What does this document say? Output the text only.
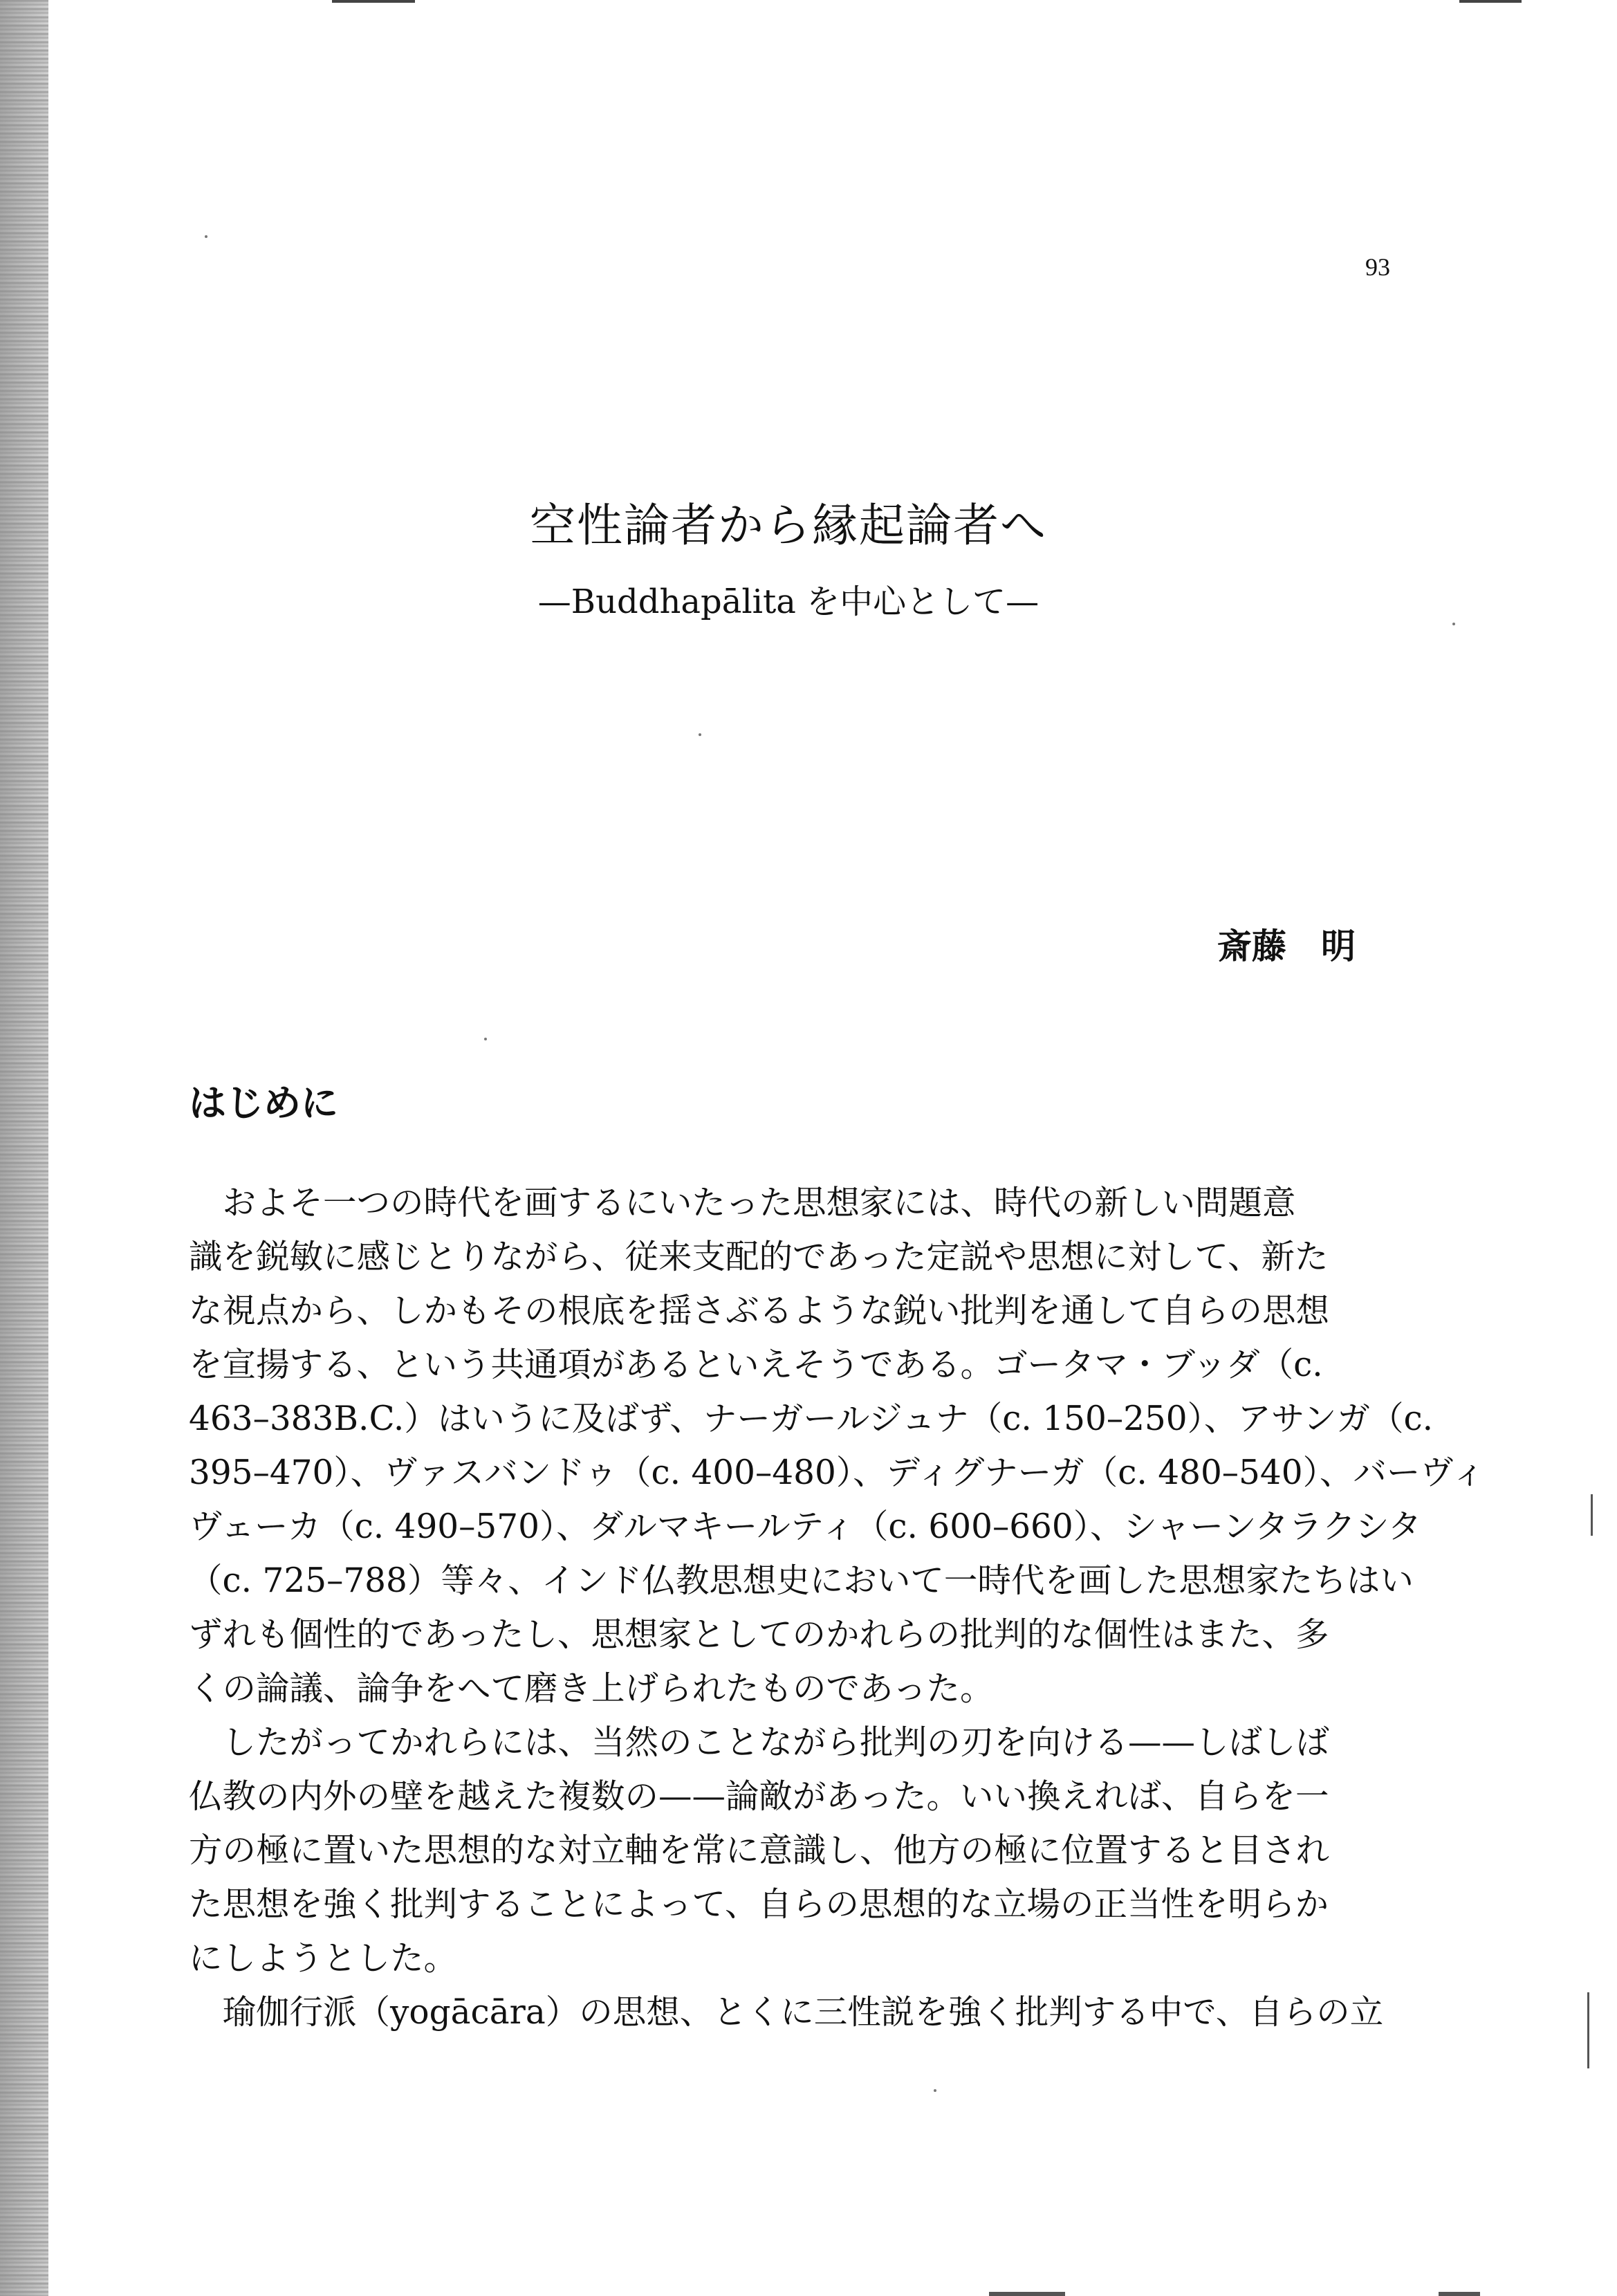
93
空性論者から縁起論者へ
—Buddhapālita を中心として—
斎藤　明
はじめに
　およそ一つの時代を画するにいたった思想家には、時代の新しい問題意
識を鋭敏に感じとりながら、従来支配的であった定説や思想に対して、新た
な視点から、しかもその根底を揺さぶるような鋭い批判を通して自らの思想
を宣揚する、という共通項があるといえそうである。ゴータマ・ブッダ（c.
463–383B.C.）はいうに及ばず、ナーガールジュナ（c. 150–250）、アサンガ（c.
395–470）、ヴァスバンドゥ（c. 400–480）、ディグナーガ（c. 480–540）、バーヴィ
ヴェーカ（c. 490–570）、ダルマキールティ（c. 600–660）、シャーンタラクシタ
（c. 725–788）等々、インド仏教思想史において一時代を画した思想家たちはい
ずれも個性的であったし、思想家としてのかれらの批判的な個性はまた、多
くの論議、論争をへて磨き上げられたものであった。
　したがってかれらには、当然のことながら批判の刃を向ける——しばしば
仏教の内外の壁を越えた複数の——論敵があった。いい換えれば、自らを一
方の極に置いた思想的な対立軸を常に意識し、他方の極に位置すると目され
た思想を強く批判することによって、自らの思想的な立場の正当性を明らか
にしようとした。
　瑜伽行派（yogācāra）の思想、とくに三性説を強く批判する中で、自らの立
